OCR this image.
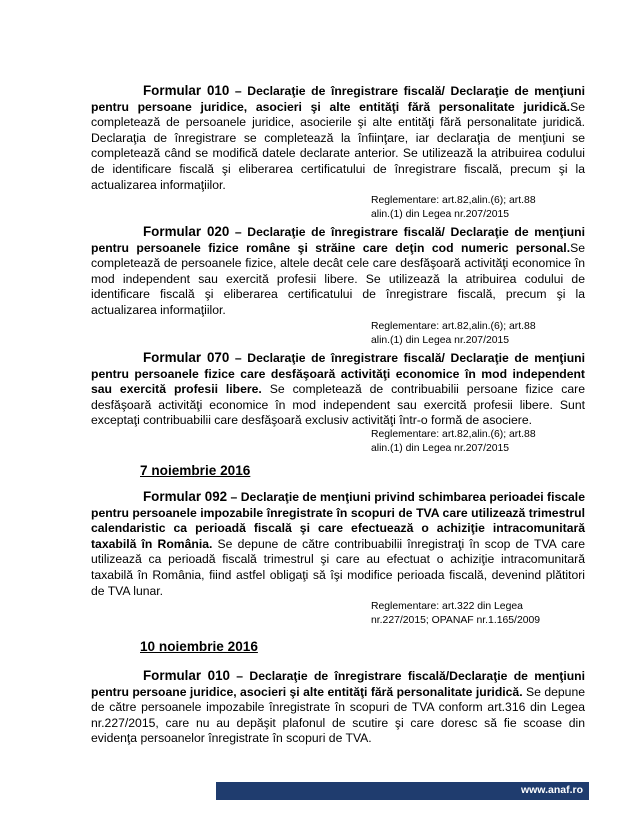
Formular 010 – Declaraţie de înregistrare fiscală/ Declaraţie de menţiuni pentru persoane juridice, asocieri şi alte entităţi fără personalitate juridică.Se completează de persoanele juridice, asocierile şi alte entităţi fără personalitate juridică. Declaraţia de înregistrare se completează la înfiinţare, iar declaraţia de menţiuni se completează când se modifică datele declarate anterior. Se utilizează la atribuirea codului de identificare fiscală şi eliberarea certificatului de înregistrare fiscală, precum şi la actualizarea informaţiilor.

Reglementare: art.82,alin.(6); art.88
alin.(1) din Legea nr.207/2015

Formular 020 – Declaraţie de înregistrare fiscală/ Declaraţie de menţiuni pentru persoanele fizice române şi străine care deţin cod numeric personal.Se completează de persoanele fizice, altele decât cele care desfăşoară activităţi economice în mod independent sau exercită profesii libere. Se utilizează la atribuirea codului de identificare fiscală şi eliberarea certificatului de înregistrare fiscală, precum şi la actualizarea informaţiilor.

Reglementare: art.82,alin.(6); art.88
alin.(1) din Legea nr.207/2015

Formular 070 – Declaraţie de înregistrare fiscală/ Declaraţie de menţiuni pentru persoanele fizice care desfăşoară activităţi economice în mod independent sau exercită profesii libere. Se completează de contribuabilii persoane fizice care desfăşoară activităţi economice în mod independent sau exercită profesii libere. Sunt exceptaţi contribuabilii care desfăşoară exclusiv activităţi într-o formă de asociere.

Reglementare: art.82,alin.(6); art.88
alin.(1) din Legea nr.207/2015
7 noiembrie 2016

Formular 092 – Declaraţie de menţiuni privind schimbarea perioadei fiscale pentru persoanele impozabile înregistrate în scopuri de TVA care utilizează trimestrul calendaristic ca perioadă fiscală şi care efectuează o achiziţie intracomunitară taxabilă în România. Se depune de către contribuabilii înregistraţi în scop de TVA care utilizează ca perioadă fiscală trimestrul şi care au efectuat o achiziţie intracomunitară taxabilă în România, fiind astfel obligaţi să îşi modifice perioada fiscală, devenind plătitori de TVA lunar.

Reglementare: art.322 din Legea
nr.227/2015; OPANAF nr.1.165/2009
10 noiembrie 2016

Formular 010 – Declaraţie de înregistrare fiscală/Declaraţie de menţiuni pentru persoane juridice, asocieri şi alte entităţi fără personalitate juridică. Se depune de către persoanele impozabile înregistrate în scopuri de TVA conform art.316 din Legea nr.227/2015, care nu au depăşit plafonul de scutire şi care doresc să fie scoase din evidenţa persoanelor înregistrate în scopuri de TVA.

www.anaf.ro
